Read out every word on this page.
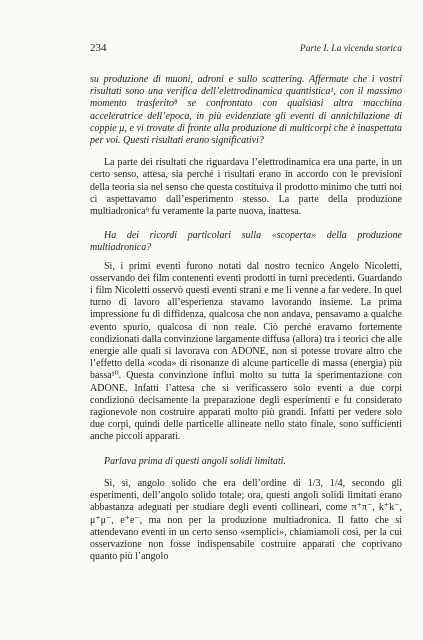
234	Parte I. La vicenda storica

su produzione di muoni, adroni e sullo scattering. Affermate che i vostri risultati sono una verifica dell’elettrodinamica quantistica¹, con il massimo momento trasferito⁸ se confrontato con qualsiasi altra macchina acceleratrice dell’epoca, in più evidenziate gli eventi di annichilazione di coppie μ, e vi trovate di fronte alla produzione di multicorpi che è inaspettata per voi. Questi risultati erano significativi?

La parte dei risultati che riguardava l’elettrodinamica era una parte, in un certo senso, attesa, sia perché i risultati erano in accordo con le previsioni della teoria sia nel senso che questa costituiva il prodotto minimo che tutti noi ci aspettavamo dall’esperimento stesso. La parte della produzione multiadronica⁹ fu veramente la parte nuova, inattesa.

Ha dei ricordi particolari sulla «scoperta» della produzione multiadronica?

Sì, i primi eventi furono notati dal nostro tecnico Angelo Nicoletti, osservando dei film contenenti eventi prodotti in turni precedenti. Guardando i film Nicoletti osservò questi eventi strani e me li venne a far vedere. In quel turno di lavoro all’esperienza stavamo lavorando insieme. La prima impressione fu di diffidenza, qualcosa che non andava, pensavamo a qualche evento spurio, qualcosa di non reale. Ciò perché eravamo fortemente condizionati dalla convinzione largamente diffusa (allora) tra i teorici che alle energie alle quali si lavorava con ADONE, non si potesse trovare altro che l’effetto della «coda» di risonanze di alcune particelle di massa (energia) più bassa¹⁰. Questa convinzione influì molto su tutta la sperimentazione con ADONE. Infatti l’attesa che si verificassero solo eventi a due corpi condizionò decisamente la preparazione degli esperimenti e fu considerato ragionevole non costruire apparati molto più grandi. Infatti per vedere solo due corpi, quindi delle particelle allineate nello stato finale, sono sufficienti anche piccoli apparati.

Parlava prima di questi angoli solidi limitati.

Sì, sì, angolo solido che era dell’ordine di 1/3, 1/4, secondo gli esperimenti, dell’angolo solido totale; ora, questi angoli solidi limitati erano abbastanza adeguati per studiare degli eventi collineari, come π⁺π⁻, k⁺k⁻, μ⁺μ⁻, e⁺e⁻, ma non per la produzione multiadronica. Il fatto che si attendevano eventi in un certo senso «semplici», chiamiamoli così, per la cui osservazione non fosse indispensabile costruire apparati che coprivano quanto più l’angolo
